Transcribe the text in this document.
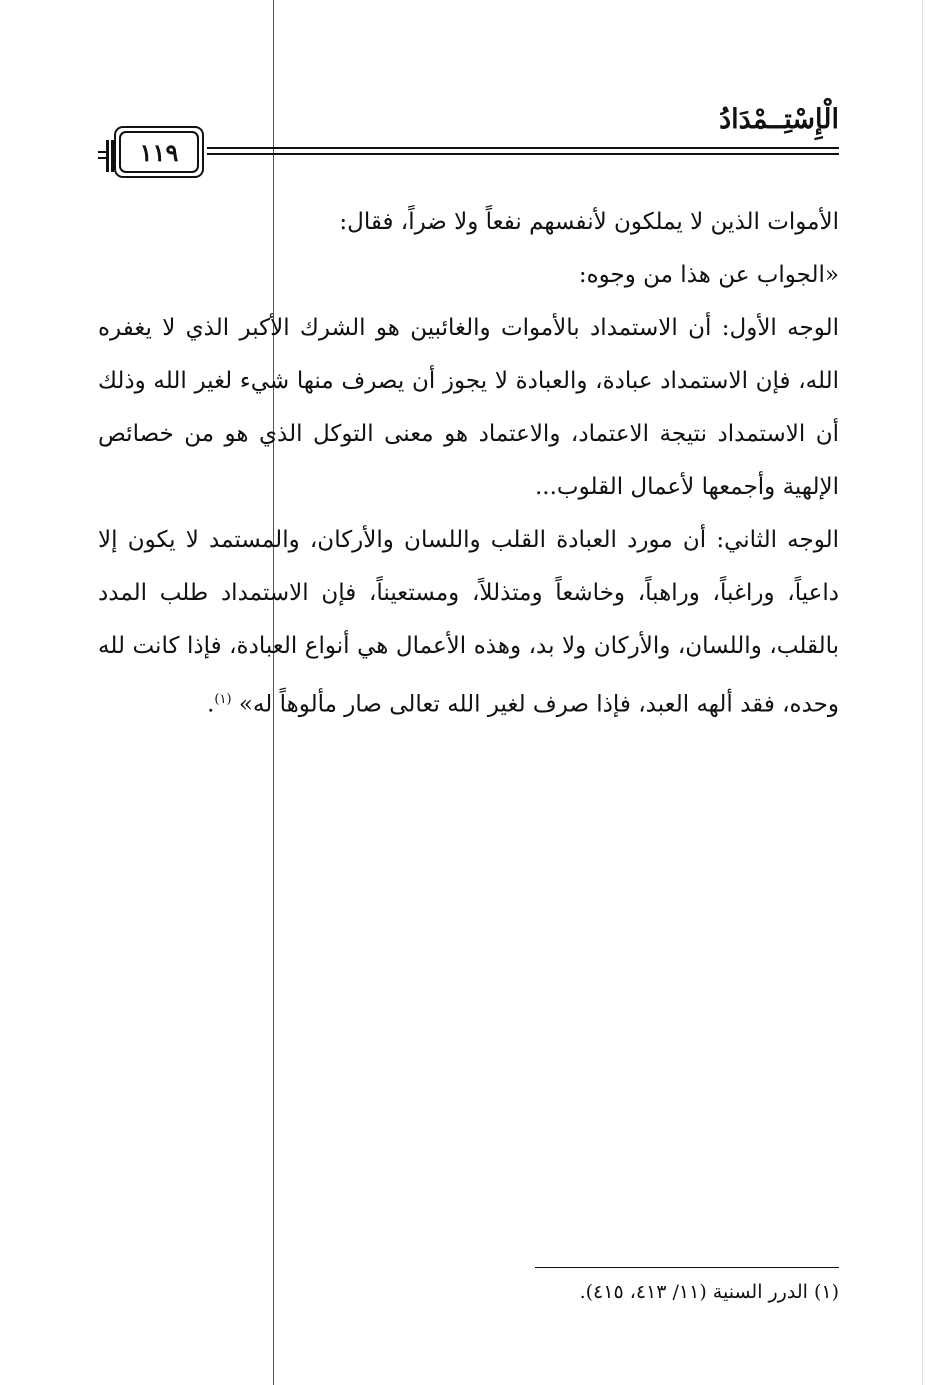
الْإِسْتِــمْدَادُ
١١٩

الأموات الذين لا يملكون لأنفسهم نفعاً ولا ضراً، فقال:

«الجواب عن هذا من وجوه:

الوجه الأول: أن الاستمداد بالأموات والغائبين هو الشرك الأكبر الذي لا يغفره الله، فإن الاستمداد عبادة، والعبادة لا يجوز أن يصرف منها شيء لغير الله وذلك أن الاستمداد نتيجة الاعتماد، والاعتماد هو معنى التوكل الذي هو من خصائص الإلهية وأجمعها لأعمال القلوب...

الوجه الثاني: أن مورد العبادة القلب واللسان والأركان، والمستمد لا يكون إلا داعياً، وراغباً، وراهباً، وخاشعاً ومتذللاً، ومستعيناً، فإن الاستمداد طلب المدد بالقلب، واللسان، والأركان ولا بد، وهذه الأعمال هي أنواع العبادة، فإذا كانت لله وحده، فقد ألهه العبد، فإذا صرف لغير الله تعالى صار مألوهاً له» $^{(١)}$.

(١) الدرر السنية (١١/ ٤١٣، ٤١٥).
